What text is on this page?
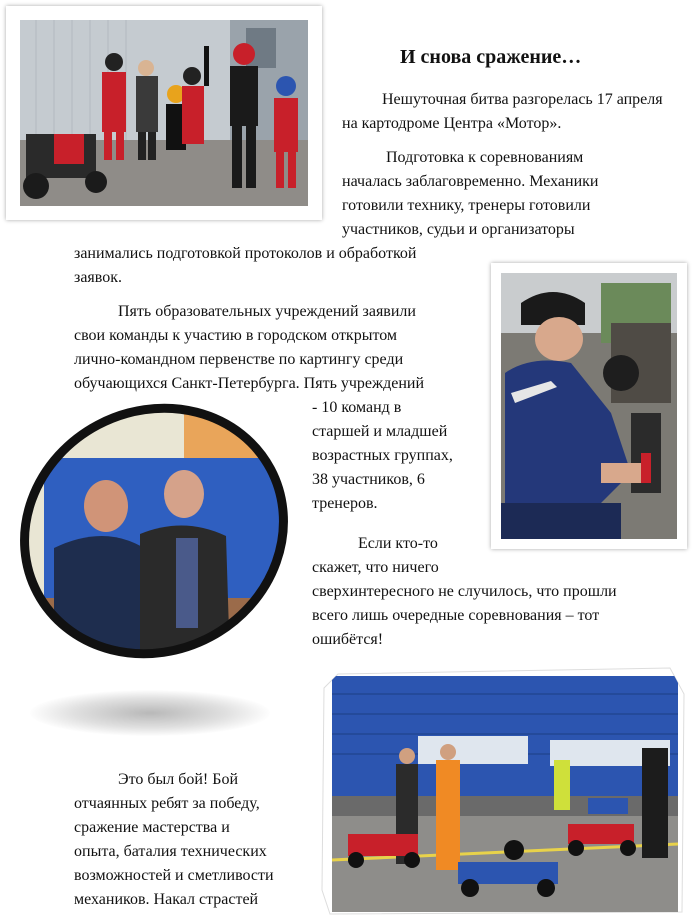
И снова сражение…

Нешуточная битва разгорелась 17 апреля на картодроме Центра «Мотор».

Подготовка к соревнованиям

началась заблаговременно. Механики

готовили технику, тренеры готовили

участников, судьи и организаторы

занимались подготовкой протоколов и обработкой

заявок.

Пять образовательных учреждений заявили

свои команды к участию в городском открытом

лично-командном первенстве по картингу среди

обучающихся Санкт-Петербурга. Пять учреждений

- 10 команд в

старшей и младшей

возрастных группах,

38 участников, 6

тренеров.

Если кто-то

скажет, что ничего

сверхинтересного не случилось, что прошли

всего лишь очередные соревнования – тот

ошибётся!

Это был бой! Бой

отчаянных ребят за победу,

сражение мастерства и

опыта, баталия технических

возможностей и сметливости

механиков. Накал страстей
